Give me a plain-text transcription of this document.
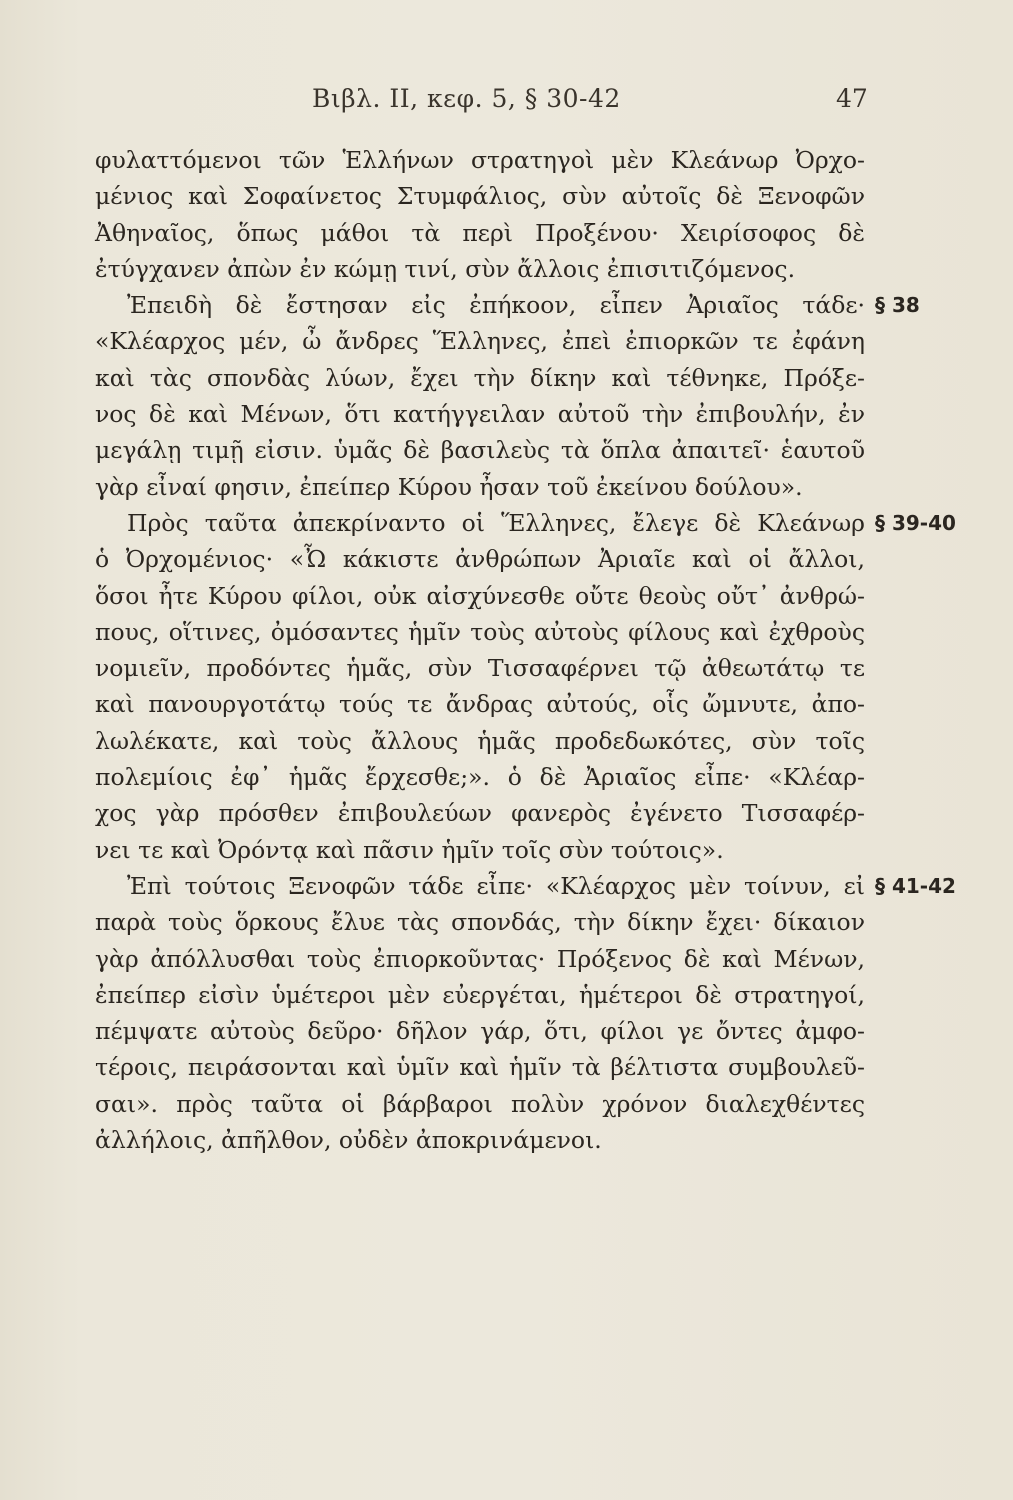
Βιβλ. ΙΙ, κεφ. 5, § 30-42	47
φυλαττόμενοι τῶν Ἑλλήνων στρατηγοὶ μὲν Κλεάνωρ Ὀρχο-
μένιος καὶ Σοφαίνετος Στυμφάλιος, σὺν αὐτοῖς δὲ Ξενοφῶν
Ἀθηναῖος, ὅπως μάθοι τὰ περὶ Προξένου· Χειρίσοφος δὲ
ἐτύγχανεν ἀπὼν ἐν κώμῃ τινί, σὺν ἄλλοις ἐπισιτιζόμενος.
Ἐπειδὴ δὲ ἔστησαν εἰς ἐπήκοον, εἶπεν Ἀριαῖος τάδε·
«Κλέαρχος μέν, ὦ ἄνδρες Ἕλληνες, ἐπεὶ ἐπιορκῶν τε ἐφάνη
καὶ τὰς σπονδὰς λύων, ἔχει τὴν δίκην καὶ τέθνηκε, Πρόξε-
νος δὲ καὶ Μένων, ὅτι κατήγγειλαν αὐτοῦ τὴν ἐπιβουλήν, ἐν
μεγάλῃ τιμῇ εἰσιν. ὑμᾶς δὲ βασιλεὺς τὰ ὅπλα ἀπαιτεῖ· ἑαυτοῦ
γὰρ εἶναί φησιν, ἐπείπερ Κύρου ἦσαν τοῦ ἐκείνου δούλου».
Πρὸς ταῦτα ἀπεκρίναντο οἱ Ἕλληνες, ἔλεγε δὲ Κλεάνωρ
ὁ Ὀρχομένιος· «Ὦ κάκιστε ἀνθρώπων Ἀριαῖε καὶ οἱ ἄλλοι,
ὅσοι ἦτε Κύρου φίλοι, οὐκ αἰσχύνεσθε οὔτε θεοὺς οὔτ᾽ ἀνθρώ-
πους, οἵτινες, ὀμόσαντες ἡμῖν τοὺς αὐτοὺς φίλους καὶ ἐχθροὺς
νομιεῖν, προδόντες ἡμᾶς, σὺν Τισσαφέρνει τῷ ἀθεωτάτῳ τε
καὶ πανουργοτάτῳ τούς τε ἄνδρας αὐτούς, οἷς ὤμνυτε, ἀπο-
λωλέκατε, καὶ τοὺς ἄλλους ἡμᾶς προδεδωκότες, σὺν τοῖς
πολεμίοις ἐφ᾽ ἡμᾶς ἔρχεσθε;». ὁ δὲ Ἀριαῖος εἶπε· «Κλέαρ-
χος γὰρ πρόσθεν ἐπιβουλεύων φανερὸς ἐγένετο Τισσαφέρ-
νει τε καὶ Ὀρόντᾳ καὶ πᾶσιν ἡμῖν τοῖς σὺν τούτοις».
Ἐπὶ τούτοις Ξενοφῶν τάδε εἶπε· «Κλέαρχος μὲν τοίνυν, εἰ
παρὰ τοὺς ὅρκους ἔλυε τὰς σπονδάς, τὴν δίκην ἔχει· δίκαιον
γὰρ ἀπόλλυσθαι τοὺς ἐπιορκοῦντας· Πρόξενος δὲ καὶ Μένων,
ἐπείπερ εἰσὶν ὑμέτεροι μὲν εὐεργέται, ἡμέτεροι δὲ στρατηγοί,
πέμψατε αὐτοὺς δεῦρο· δῆλον γάρ, ὅτι, φίλοι γε ὄντες ἀμφο-
τέροις, πειράσονται καὶ ὑμῖν καὶ ἡμῖν τὰ βέλτιστα συμβουλεῦ-
σαι». πρὸς ταῦτα οἱ βάρβαροι πολὺν χρόνον διαλεχθέντες
ἀλλήλοις, ἀπῆλθον, οὐδὲν ἀποκρινάμενοι.
§ 38
§ 39-40
§ 41-42
